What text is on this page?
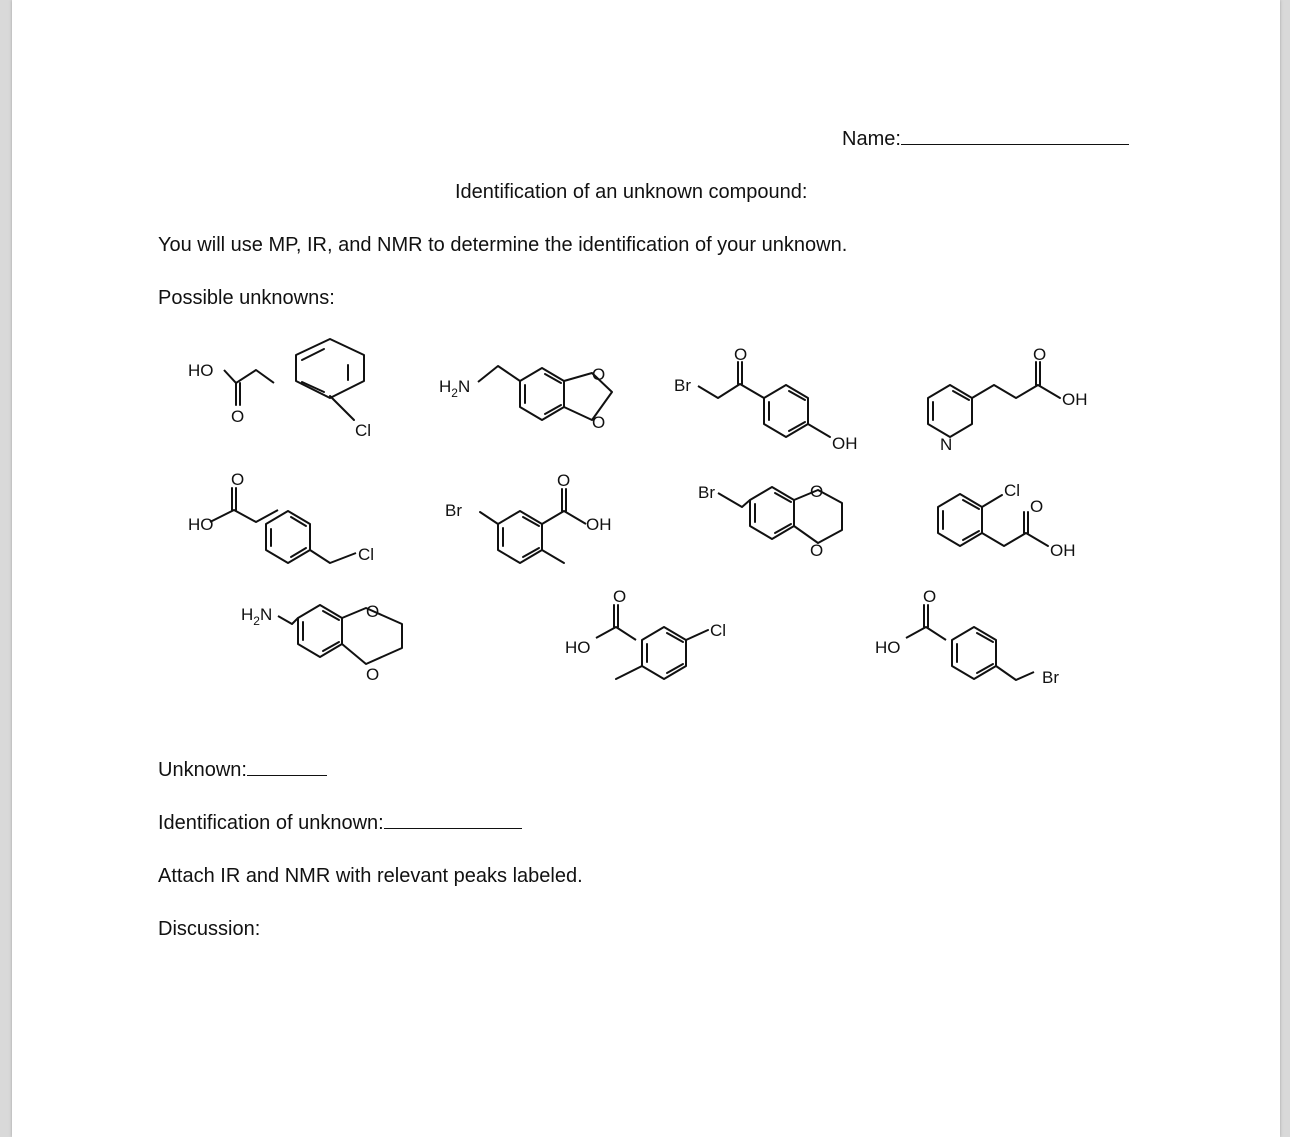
Name:
Identification of an unknown compound:
You will use MP, IR, and NMR to determine the identification of your unknown.
Possible unknowns:
HO
O
Cl
$H_2N$
O
O
Br
O
OH	N
O
OH
O
HO
Cl
Br
O
OH
Br	O
O
Cl
O
OH
$H_2N$	O
O
O
HO
Cl
O
HO
Br
Unknown:
Identification of unknown:
Attach IR and NMR with relevant peaks labeled.
Discussion:
